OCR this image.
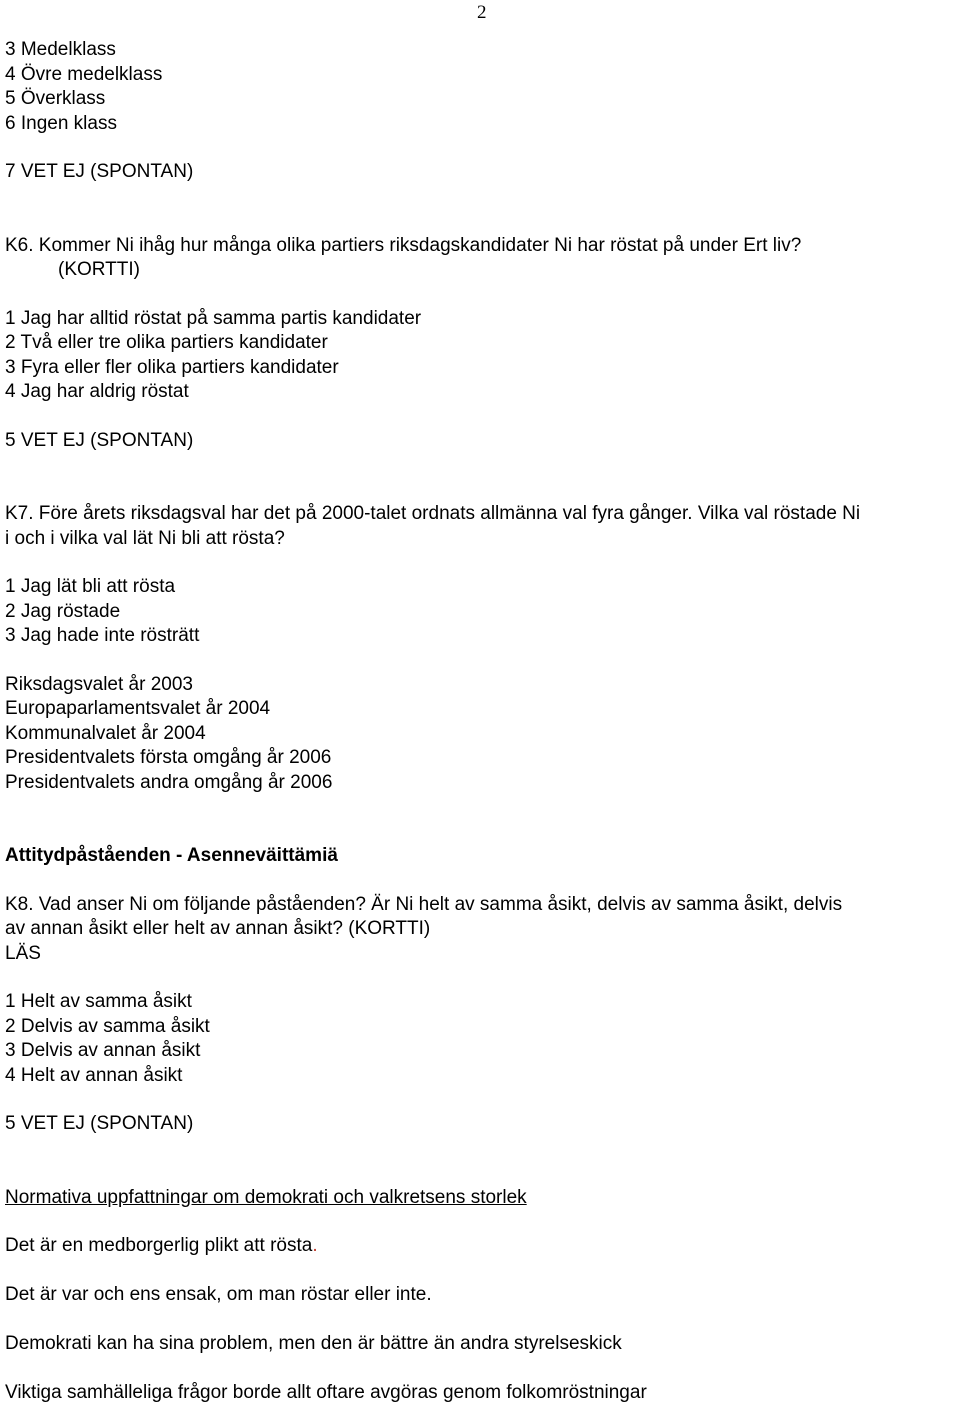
2
3 Medelklass
4 Övre medelklass
5 Överklass
6 Ingen klass
7 VET EJ (SPONTAN)
K6. Kommer Ni ihåg hur många olika partiers riksdagskandidater Ni har röstat på under Ert liv?
(KORTTI)
1 Jag har alltid röstat på samma partis kandidater
2 Två eller tre olika partiers kandidater
3 Fyra eller fler olika partiers kandidater
4 Jag har aldrig röstat
5 VET EJ (SPONTAN)
K7. Före årets riksdagsval har det på 2000-talet ordnats allmänna val fyra gånger. Vilka val röstade Ni
i och i vilka val lät Ni bli att rösta?
1 Jag lät bli att rösta
2 Jag röstade
3 Jag hade inte rösträtt
Riksdagsvalet år 2003
Europaparlamentsvalet år 2004
Kommunalvalet år 2004
Presidentvalets första omgång år 2006
Presidentvalets andra omgång år 2006
Attitydpåståenden - Asenneväittämiä
K8. Vad anser Ni om följande påståenden? Är Ni helt av samma åsikt, delvis av samma åsikt, delvis
av annan åsikt eller helt av annan åsikt? (KORTTI)
LÄS
1 Helt av samma åsikt
2 Delvis av samma åsikt
3 Delvis av annan åsikt
4 Helt av annan åsikt
5 VET EJ (SPONTAN)
Normativa uppfattningar om demokrati och valkretsens storlek
Det är en medborgerlig plikt att rösta.
Det är var och ens ensak, om man röstar eller inte.
Demokrati kan ha sina problem, men den är bättre än andra styrelseskick
Viktiga samhälleliga frågor borde allt oftare avgöras genom folkomröstningar
